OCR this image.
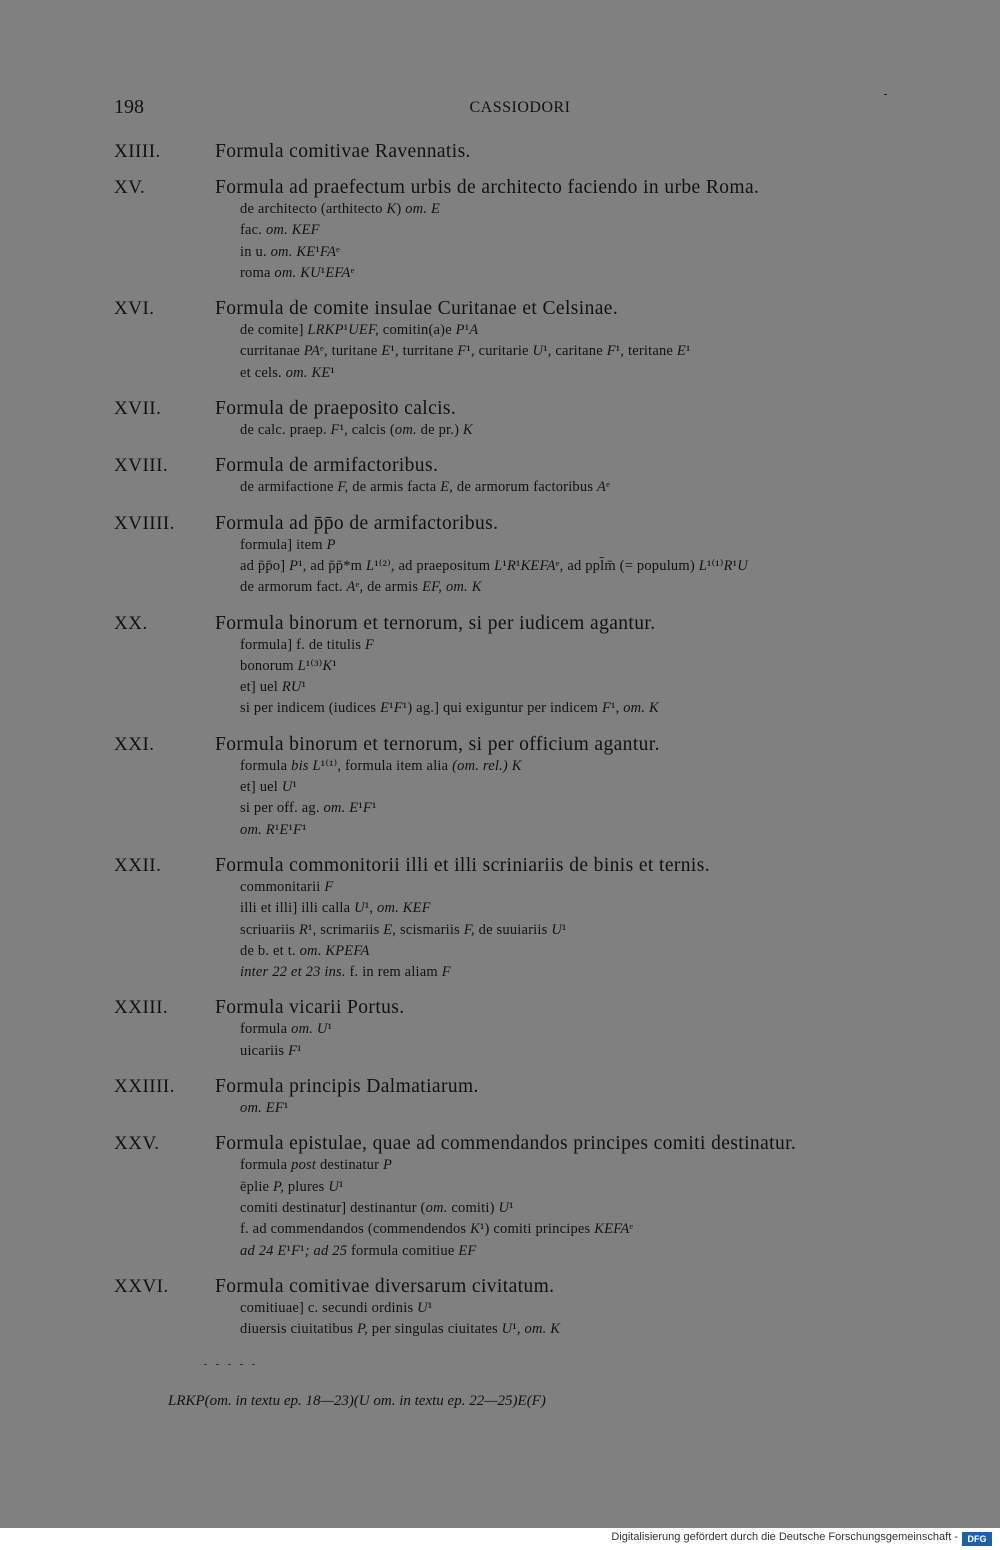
198	CASSIODORI
XIIII.	Formula comitivae Ravennatis.
XV.	Formula ad praefectum urbis de architecto faciendo in urbe Roma.
de architecto (arthitecto K) om. E
fac. om. KEF
in u. om. KE¹FAᵉ
roma om. KU¹EFAᵉ
XVI.	Formula de comite insulae Curitanae et Celsinae.
de comite] LRKP¹UEF, comitin(a)e P¹A
curritanae PAᵉ, turitane E¹, turritane F¹, curitarie U¹, caritane F¹, teritane E¹
et cels. om. KE¹
XVII.	Formula de praeposito calcis.
de calc. praep. F¹, calcis (om. de pr.) K
XVIII.	Formula de armifactoribus.
de armifactione F, de armis facta E, de armorum factoribus Aᵉ
XVIIII.	Formula ad p̄p̄o de armifactoribus.
formula] item P
ad p̄p̄o] P¹, ad p̄p̄*m L¹⁽²⁾, ad praepositum L¹R¹KEFAᵉ, ad ppl̄m̄ (= populum) L¹⁽¹⁾R¹U
de armorum fact. Aᵉ, de armis EF, om. K
XX.	Formula binorum et ternorum, si per iudicem agantur.
formula] f. de titulis F
bonorum L¹⁽³⁾K¹
et] uel RU¹
si per indicem (iudices E¹F¹) ag.] qui exiguntur per indicem F¹, om. K
XXI.	Formula binorum et ternorum, si per officium agantur.
formula bis L¹⁽¹⁾, formula item alia (om. rel.) K
et] uel U¹
si per off. ag. om. E¹F¹
om. R¹E¹F¹
XXII.	Formula commonitorii illi et illi scriniariis de binis et ternis.
commonitarii F
illi et illi] illi calla U¹, om. KEF
scriuariis R¹, scrimariis E, scismariis F, de suuiariis U¹
de b. et t. om. KPEFA
inter 22 et 23 ins. f. in rem aliam F
XXIII.	Formula vicarii Portus.
formula om. U¹
uicariis F¹
XXIIII.	Formula principis Dalmatiarum.
om. EF¹
XXV.	Formula epistulae, quae ad commendandos principes comiti destinatur.
formula post destinatur P
ēplie P, plures U¹
comiti destinatur] destinantur (om. comiti) U¹
f. ad commendandos (commendendos K¹) comiti principes KEFAᵉ
ad 24 E¹F¹; ad 25 formula comitiue EF
XXVI.	Formula comitivae diversarum civitatum.
comitiuae] c. secundi ordinis U¹
diuersis ciuitatibus P, per singulas ciuitates U¹, om. K
LRKP(om. in textu ep. 18—23)(U om. in textu ep. 22—25)E(F)
Digitalisierung gefördert durch die Deutsche Forschungsgemeinschaft -	DFG
